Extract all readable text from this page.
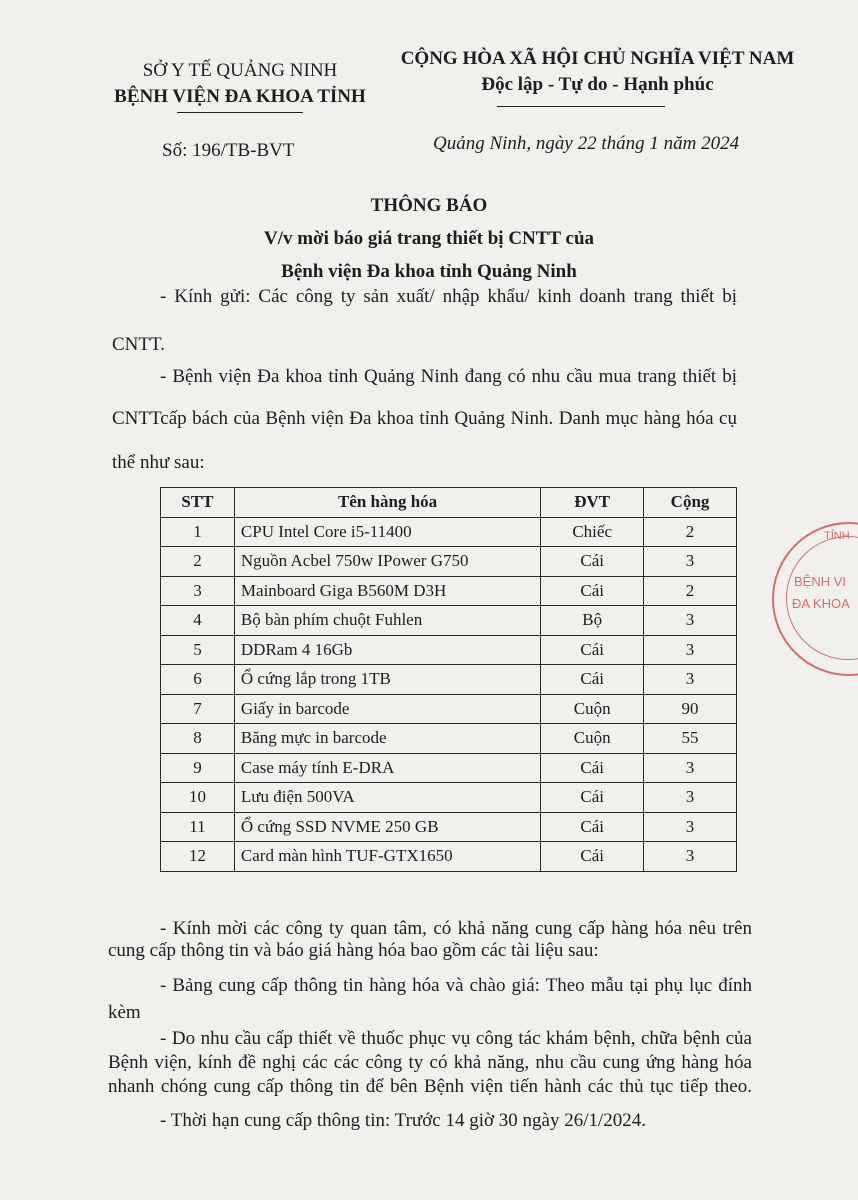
SỞ Y TẾ QUẢNG NINH
BỆNH VIỆN ĐA KHOA TỈNH
CỘNG HÒA XÃ HỘI CHỦ NGHĨA VIỆT NAM
Độc lập - Tự do - Hạnh phúc
Số: 196/TB-BVT	Quảng Ninh, ngày 22 tháng 1 năm 2024
THÔNG BÁO
V/v mời báo giá trang thiết bị CNTT của
Bệnh viện Đa khoa tỉnh Quảng Ninh
- Kính gửi: Các công ty sản xuất/ nhập khẩu/ kinh doanh trang thiết bị
CNTT.
- Bệnh viện Đa khoa tỉnh Quảng Ninh đang có nhu cầu mua trang thiết bị
CNTTcấp bách của Bệnh viện Đa khoa tỉnh Quảng Ninh. Danh mục hàng hóa cụ
thể như sau:
STT	Tên hàng hóa	ĐVT	Cộng
1	CPU Intel Core i5-11400	Chiếc	2
2	Nguồn Acbel 750w IPower G750	Cái	3
3	Mainboard Giga B560M D3H	Cái	2
4	Bộ bàn phím chuột Fuhlen	Bộ	3
5	DDRam 4 16Gb	Cái	3
6	Ổ cứng lắp trong 1TB	Cái	3
7	Giấy in barcode	Cuộn	90
8	Băng mực in barcode	Cuộn	55
9	Case máy tính E-DRA	Cái	3
10	Lưu điện 500VA	Cái	3
11	Ổ cứng SSD NVME 250 GB	Cái	3
12	Card màn hình TUF-GTX1650	Cái	3
- Kính mời các công ty quan tâm, có khả năng cung cấp hàng hóa nêu trên
cung cấp thông tin và báo giá hàng hóa bao gồm các tài liệu sau:
- Bảng cung cấp thông tin hàng hóa và chào giá: Theo mẫu tại phụ lục đính
kèm
- Do nhu cầu cấp thiết về thuốc phục vụ công tác khám bệnh, chữa bệnh của
Bệnh viện, kính đề nghị các các công ty có khả năng, nhu cầu cung ứng hàng hóa
nhanh chóng cung cấp thông tin để bên Bệnh viện tiến hành các thủ tục tiếp theo.
- Thời hạn cung cấp thông tin: Trước 14 giờ 30 ngày 26/1/2024.
TỈNH
BỆNH VI
ĐA KHOA
